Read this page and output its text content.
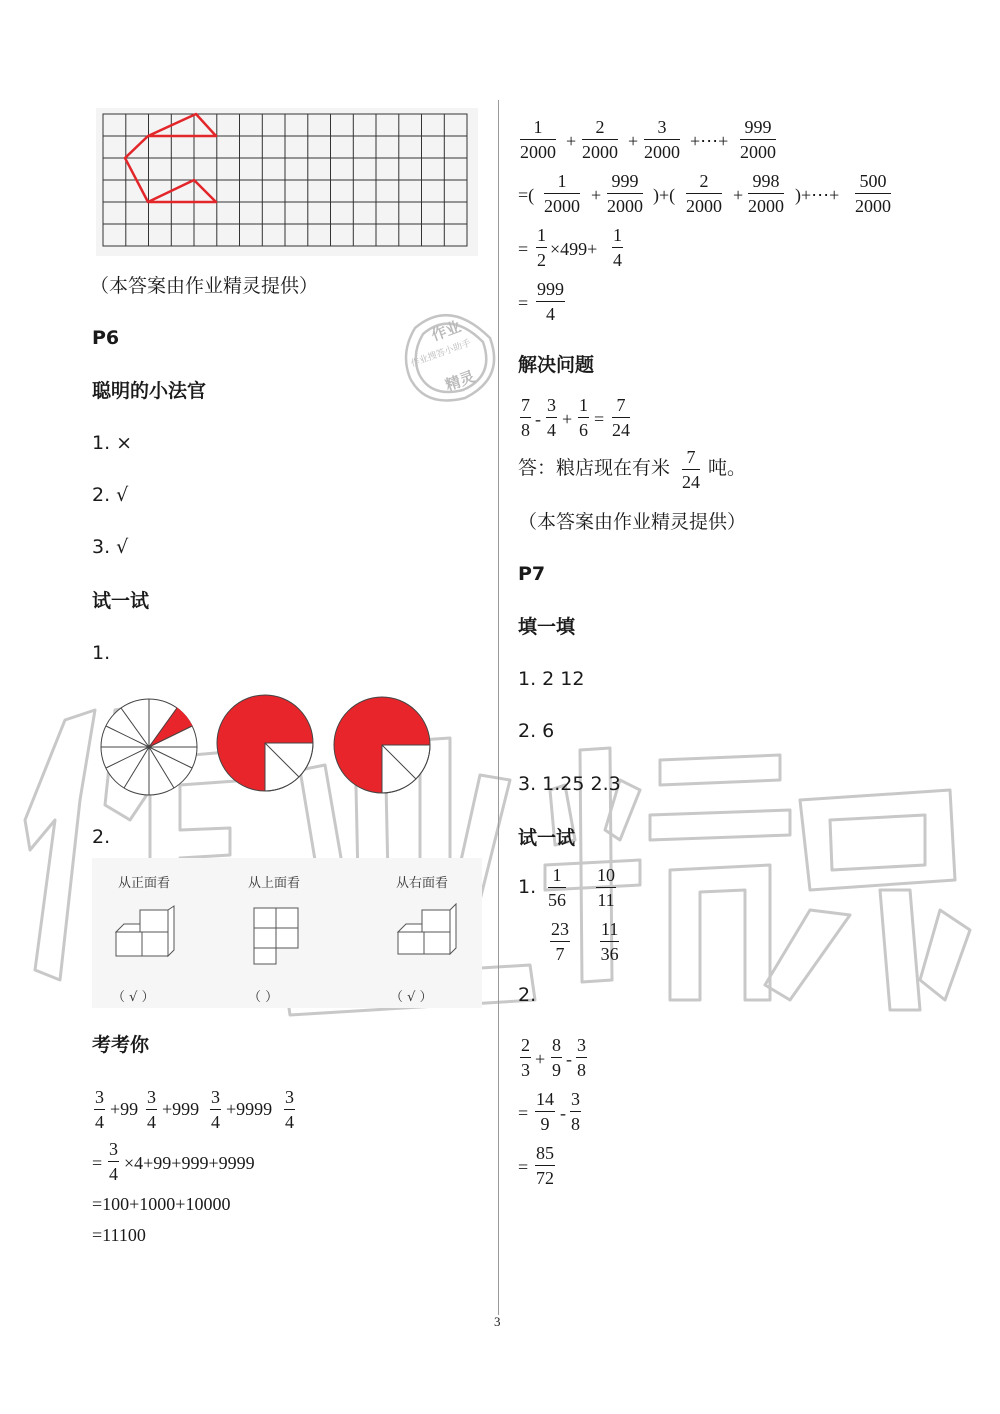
作业
作业搜答小助手
精灵
（本答案由作业精灵提供）
P6
聪明的小法官
1. ×
2. √
3. √
试一试
1.
2.
从正面看	从上面看	从右面看
（ √ ）	（ ）	（ √ ）
考考你
$\frac{3}{4} +99 \frac{3}{4} +999 \frac{3}{4} +9999 \frac{3}{4}$
= $\frac{3}{4} \times 4+99+999+9999$
=100+1000+10000
=11100
$\frac{1}{2000} + \frac{2}{2000} + \frac{3}{2000}$ +⋯+ $\frac{999}{2000}$
=( $\frac{1}{2000} + \frac{999}{2000}$ )+( $\frac{2}{2000} + \frac{998}{2000}$ )+⋯+ $\frac{500}{2000}$
= $\frac{1}{2} \times 499+ \frac{1}{4}$
= $\frac{999}{4}$
解决问题
$\frac{7}{8} - \frac{3}{4} + \frac{1}{6} = \frac{7}{24}$
答：粮店现在有米 $\frac{7}{24}$ 吨。
（本答案由作业精灵提供）
P7
填一填
1. 2 12
2. 6
3. 1.25 2.3
试一试
1. $\frac{1}{56} \frac{10}{11}$
$\frac{23}{7} \frac{11}{36}$
2.
$\frac{2}{3} + \frac{8}{9} - \frac{3}{8}$
= $\frac{14}{9} - \frac{3}{8}$
= $\frac{85}{72}$
3
